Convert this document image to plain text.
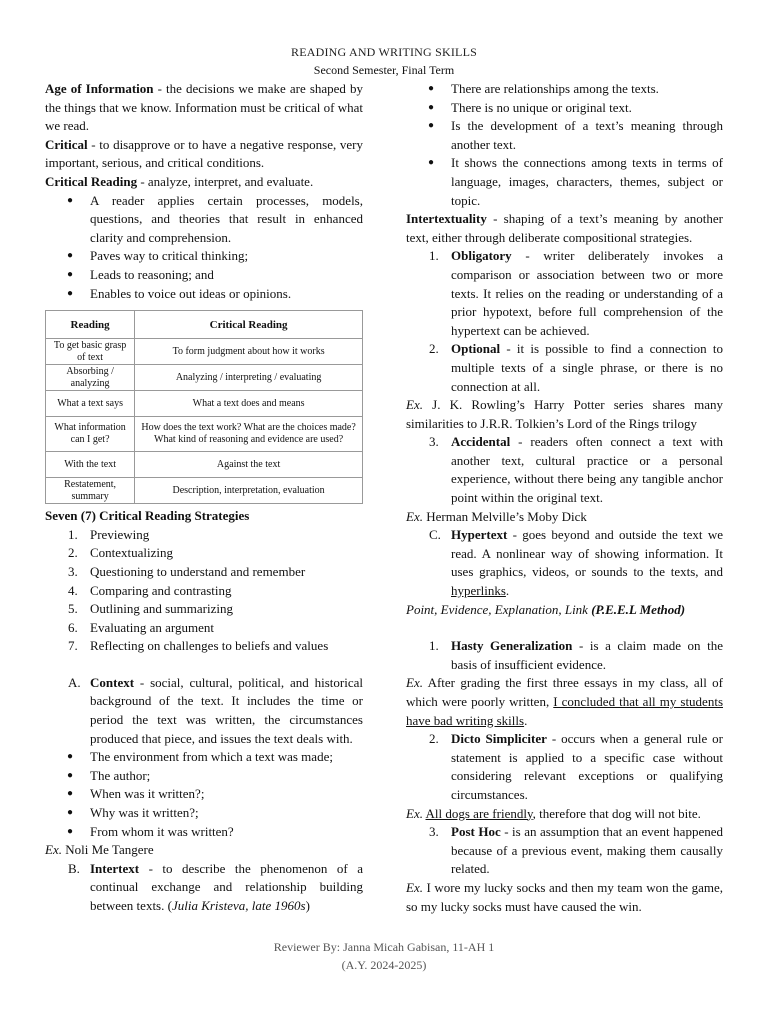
READING AND WRITING SKILLS
Second Semester, Final Term

Age of Information - the decisions we make are shaped by the things that we know. Information must be critical of what we read.

Critical - to disapprove or to have a negative response, very important, serious, and critical conditions.

Critical Reading - analyze, interpret, and evaluate.

● A reader applies certain processes, models, questions, and theories that result in enhanced clarity and comprehension.
● Paves way to critical thinking;
● Leads to reasoning; and
● Enables to voice out ideas or opinions.
Reading	Critical Reading
To get basic grasp of text	To form judgment about how it works
Absorbing / analyzing	Analyzing / interpreting / evaluating
What a text says	What a text does and means
What information can I get?	How does the text work? What are the choices made? What kind of reasoning and evidence are used?
With the text	Against the text
Restatement, summary	Description, interpretation, evaluation

Seven (7) Critical Reading Strategies

1. Previewing
2. Contextualizing
3. Questioning to understand and remember
4. Comparing and contrasting
5. Outlining and summarizing
6. Evaluating an argument
7. Reflecting on challenges to beliefs and values

A. Context - social, cultural, political, and historical background of the text. It includes the time or period the text was written, the circumstances produced that piece, and issues the text deals with.

● The environment from which a text was made;
● The author;
● When was it written?;
● Why was it written?;
● From whom it was written?

Ex. Noli Me Tangere

B. Intertext - to describe the phenomenon of a continual exchange and relationship building between texts. (Julia Kristeva, late 1960s)

● There are relationships among the texts.
● There is no unique or original text.
● Is the development of a text’s meaning through another text.
● It shows the connections among texts in terms of language, images, characters, themes, subject or topic.

Intertextuality - shaping of a text’s meaning by another text, either through deliberate compositional strategies.

1. Obligatory - writer deliberately invokes a comparison or association between two or more texts. It relies on the reading or understanding of a prior hypotext, before full comprehension of the hypertext can be achieved.

2. Optional - it is possible to find a connection to multiple texts of a single phrase, or there is no connection at all.

Ex. J. K. Rowling’s Harry Potter series shares many similarities to J.R.R. Tolkien’s Lord of the Rings trilogy

3. Accidental - readers often connect a text with another text, cultural practice or a personal experience, without there being any tangible anchor point within the original text.

Ex. Herman Melville’s Moby Dick

C. Hypertext - goes beyond and outside the text we read. A nonlinear way of showing information. It uses graphics, videos, or sounds to the texts, and hyperlinks.

Point, Evidence, Explanation, Link (P.E.E.L Method)

1. Hasty Generalization - is a claim made on the basis of insufficient evidence.

Ex. After grading the first three essays in my class, all of which were poorly written, I concluded that all my students have bad writing skills.

2. Dicto Simpliciter - occurs when a general rule or statement is applied to a specific case without considering relevant exceptions or qualifying circumstances.

Ex. All dogs are friendly, therefore that dog will not bite.

3. Post Hoc - is an assumption that an event happened because of a previous event, making them causally related.

Ex. I wore my lucky socks and then my team won the game, so my lucky socks must have caused the win.

Reviewer By: Janna Micah Gabisan, 11-AH 1
(A.Y. 2024-2025)
